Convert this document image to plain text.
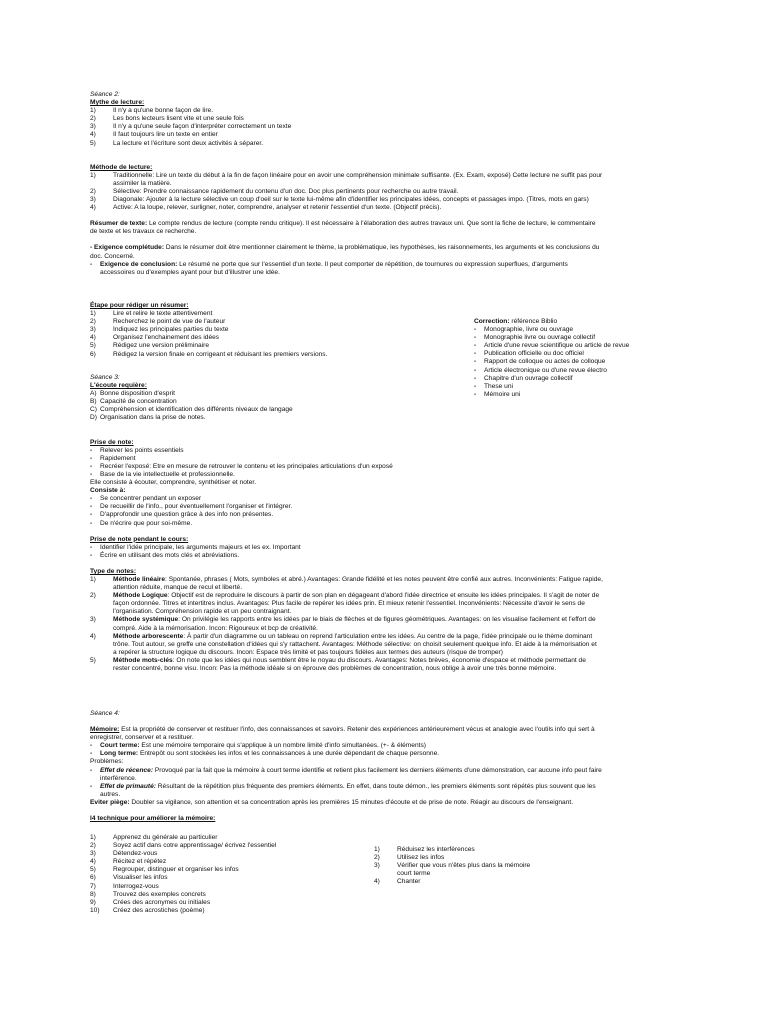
Séance 2:
Mythe de lecture:
1)	Il n'y a qu'une bonne façon de lire.
2)	Les bons lecteurs lisent vite et une seule fois
3)	Il n'y a qu'une seule façon d'interpréter correctement un texte
4)	Il faut toujours lire un texte en entier
5)	La lecture et l'écriture sont deux activités à séparer.
Méthode de lecture:
1)	Traditionnelle: Lire un texte du début à la fin de façon linéaire pour en avoir une compréhension minimale suffisante. (Ex. Exam, exposé) Cette lecture ne suffit pas pour
assimiler la matière.
2)	Sélective: Prendre connaissance rapidement du contenu d'un doc. Doc plus pertinents pour recherche ou autre travail.
3)	Diagonale: Ajouter à la lecture sélective un coup d'oeil sur le texte lui-même afin d'identifier les principales idées, concepts et passages impo. (Titres, mots en gars)
4)	Active: A la loupe, relever, surligner, noter, comprendre, analyser et retenir l'essentiel d'un texte. (Objectif précis).
Résumer de texte: Le compte rendus de lecture (compte rendu critique). Il est nécessaire à l'élaboration des autres travaux uni. Que sont la fiche de lecture, le commentaire
de texte et les travaux ce recherche.
- Exigence complétude: Dans le résumer doit être mentionner clairement le thème, la problématique, les hypothèses, les raisonnements, les arguments et les conclusions du
doc. Concerné.
-	Exigence de conclusion: Le résumé ne porte que sur l'essentiel d'un texte. Il peut comporter de répétition, de tournures ou expression superflues, d'arguments
accessoires ou d'exemples ayant pour but d'illustrer une idée.
Étape pour rédiger un résumer:
1)	Lire et relire le texte attentivement
2)	Recherchez le point de vue de l'auteur
3)	Indiquez les principales parties du texte
4)	Organisez l'enchainement des idées
5)	Rédigez une version préliminaire
6)	Rédigez la version finale en corrigeant et réduisant les premiers versions.
Correction: référence Biblio
-	Monographie, livre ou ouvrage
-	Monographie livre ou ouvrage collectif
-	Article d'une revue scientifique ou article de revue
-	Publication officielle ou doc officiel
-	Rapport de colloque ou actes de colloque
-	Article électronique ou d'une revue électro
-	Chapitre d'un ouvrage collectif
-	These uni
-	Mémoire uni
Séance 3:
L'écoute requière:
A) Bonne disposition d'esprit
B) Capacité de concentration
C) Compréhension et identification des différents niveaux de langage
D) Organisation dans la prise de notes.
Prise de note:
-	Relever les points essentiels
-	Rapidement
-	Recréer l'exposé: Etre en mesure de retrouver le contenu et les principales articulations d'un exposé
-	Base de la vie intellectuelle et professionnelle.
Elle consiste à écouter, comprendre, synthétiser et noter.
Consiste à:
-	Se concentrer pendant un exposer
-	De recueillir de l'info., pour éventuellement l'organiser et l'intégrer.
-	D'approfondir une question grâce à des info non présentes.
-	De n'écrire que pour soi-même.
Prise de note pendant le cours:
-	Identifier l'idée principale, les arguments majeurs et les ex. Important
-	Écrire en utilisant des mots clés et abréviations.
Type de notes:
1)	Méthode linéaire: Spontanée, phrases ( Mots, symboles et abré.) Avantages: Grande fidélité et les notes peuvent être confié aux autres. Inconvénients: Fatigue rapide,
attention réduite, manque de recul et liberté.
2)	Méthode Logique: Objectif est de reproduire le discours à partir de son plan en dégageant d'abord l'idée directrice et ensuite les idées principales. Il s'agit de noter de
façon ordonnée. Titres et intertitres inclus. Avantages: Plus facile de repérer les idées prin. Et mieux retenir l'essentiel. Inconvénients: Nécessite d'avoir le sens de
l'organisation. Compréhension rapide et un peu contraignant.
3)	Méthode systémique: On privilégie les rapports entre les idées par le biais de flèches et de figures géométriques. Avantages: on les visualise facilement et l'effort de
compré. Aide à la mémorisation. Incon: Rigoureux et bcp de créativité.
4)	Méthode arborescente: À partir d'un diagramme ou un tableau on reprend l'articulation entre les idées. Au centre de la page, l'idée principale ou le thème dominant
trône. Tout autour, se greffe une constellation d'idées qui s'y rattachent. Avantages: Méthode sélective: on choisit seulement quelque info. Et aide à la mémorisation et
a repérer la structure logique du discours. Incon: Espace très limité et pas toujours fidèles aux termes des auteurs (risque de tromper)
5)	Méthode mots-clés: On note que les idées qui nous semblent être le noyau du discours. Avantages: Notes brèves, économie d'espace et méthode permettant de
rester concentré, bonne visu. Incon: Pas la méthode idéale si on éprouve des problèmes de concentration, nous oblige à avoir une très bonne mémoire.
Séance 4:
Mémoire: Est la propriété de conserver et restituer l'info, des connaissances et savoirs. Retenir des expériences antérieurement vécus et analogie avec l'outils info qui sert à
enregistrer, conserver et a restituer.
-	Court terme: Est une mémoire temporaire qui s'applique à un nombre limité d'info simultanées. (+- & éléments)
-	Long terme: Entrepôt ou sont stockées les infos et les connaissances à une durée dépendant de chaque personne.
Problèmes:
-	Effet de récence: Provoqué par la fait que la mémoire à court terme identifie et retient plus facilement les derniers éléments d'une démonstration, car aucune info peut faire
interférence.
-	Effet de primauté: Résultant de la répétition plus fréquente des premiers éléments. En effet, dans toute démon., les premiers éléments sont répétés plus souvent que les
autres.
Eviter piège: Doubler sa vigilance, son attention et sa concentration après les premières 15 minutes d'écoute et de prise de note. Réagir au discours de l'enseignant.
l4 technique pour améliorer la mémoire:
1)	Apprenez du générale au particulier
2)	Soyez actif dans cotre apprentissage/ écrivez l'essentiel
3)	Détendez-vous
4)	Récitez et répétez
5)	Regrouper, distinguer et organiser les infos
6)	Visualiser les infos
7)	Interrogez-vous
8)	Trouvez des exemples concrets
9)	Crées des acronymes ou initiales
10)	Créez des acrostiches (poème)
1)	Réduisez les interférences
2)	Utilisez les infos
3)	Vérifier que vous n'êtes plus dans la mémoire
court terme
4)	Chanter
